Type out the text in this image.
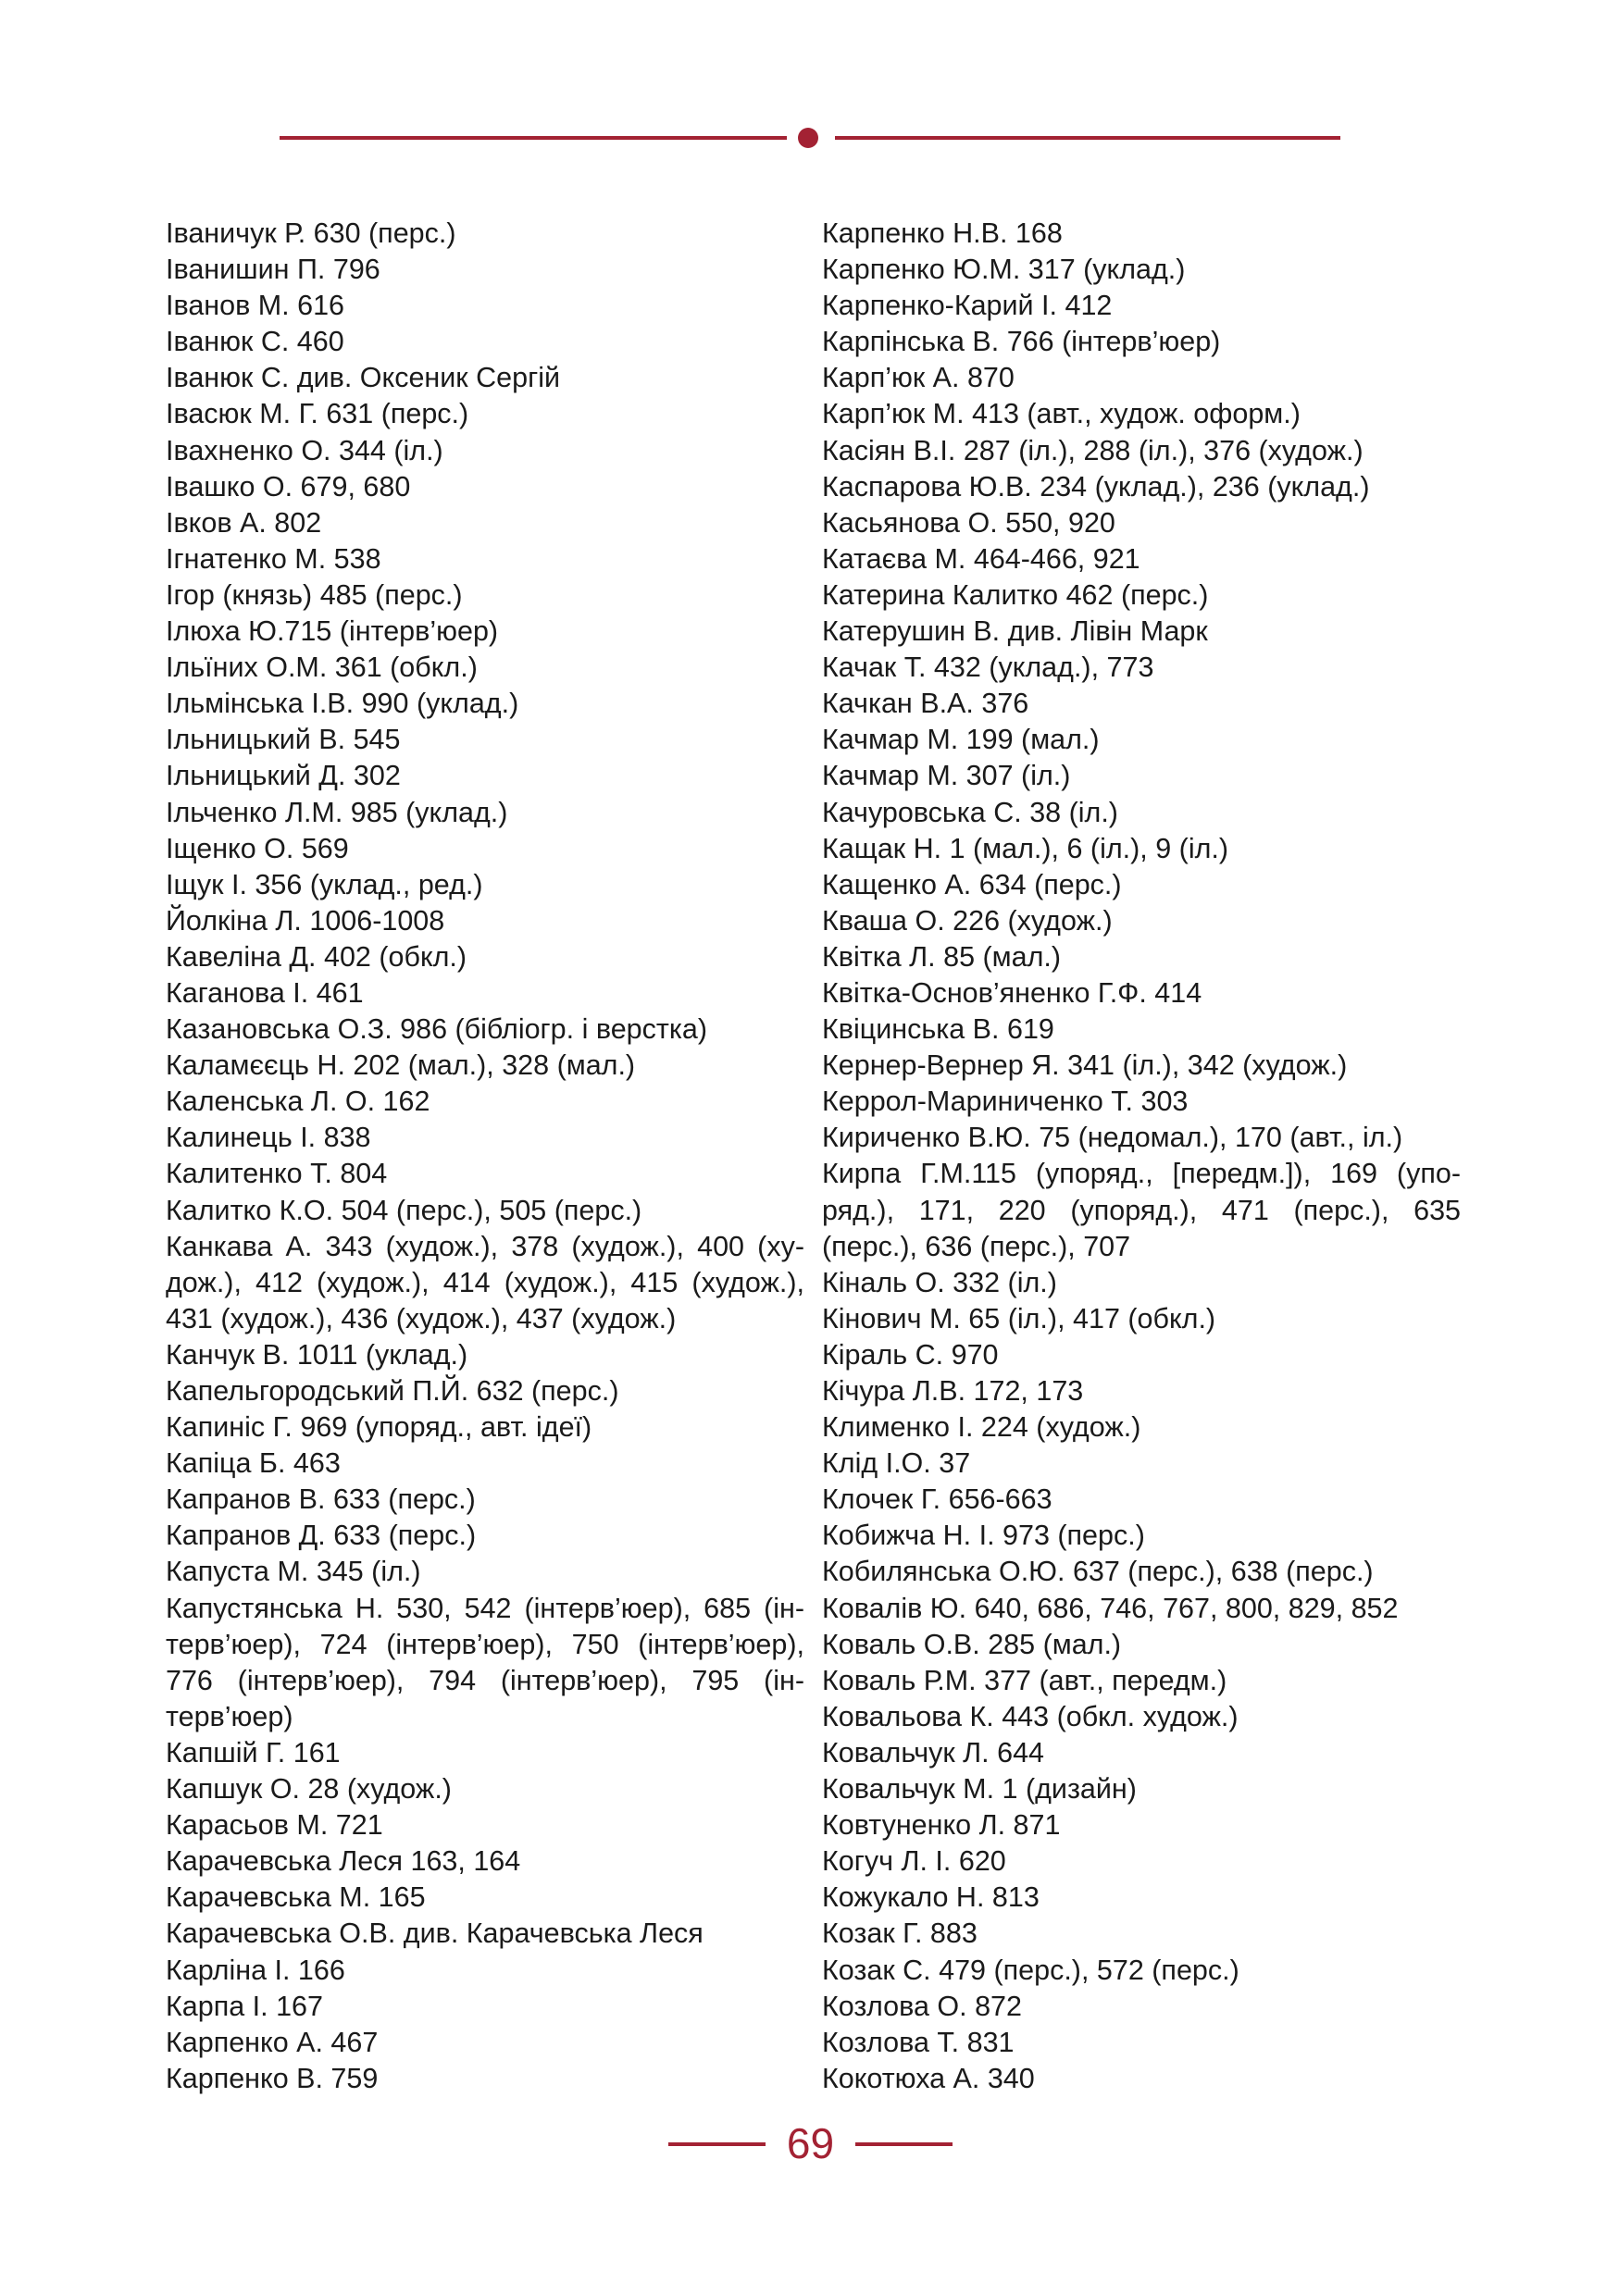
Іваничук Р. 630 (перс.)
Іванишин П. 796
Іванов М. 616
Іванюк С. 460
Іванюк С. див. Оксеник Сергій
Івасюк М. Г. 631 (перс.)
Івахненко О. 344 (іл.)
Івашко О. 679, 680
Івков А. 802
Ігнатенко М. 538
Ігор (князь) 485 (перс.)
Ілюха Ю.715 (інтерв’юер)
Ільїних О.М. 361 (обкл.)
Ільмінська І.В. 990 (уклад.)
Ільницький В. 545
Ільницький Д. 302
Ільченко Л.М. 985 (уклад.)
Іщенко О. 569
Іщук І. 356 (уклад., ред.)
Йолкіна Л. 1006-1008
Кавеліна Д. 402 (обкл.)
Каганова І. 461
Казановська О.З. 986 (бібліогр. і верстка)
Каламєєць Н. 202 (мал.), 328 (мал.)
Каленська Л. О. 162
Калинець І. 838
Калитенко Т. 804
Калитко К.О. 504 (перс.), 505 (перс.)
Канкава А. 343 (худож.), 378 (худож.), 400 (худож.), 412 (худож.), 414 (худож.), 415 (худож.), 431 (худож.), 436 (худож.), 437 (худож.)
Канчук В. 1011 (уклад.)
Капельгородський П.Й. 632 (перс.)
Капиніс Г. 969 (упоряд., авт. ідеї)
Капіца Б. 463
Капранов В. 633 (перс.)
Капранов Д. 633 (перс.)
Капуста М. 345 (іл.)
Капустянська Н. 530, 542 (інтерв’юер), 685 (інтерв’юер), 724 (інтерв’юер), 750 (інтерв’юер), 776 (інтерв’юер), 794 (інтерв’юер), 795 (інтерв’юер)
Капшій Г. 161
Капшук О. 28 (худож.)
Карасьов М. 721
Карачевська Леся 163, 164
Карачевська М. 165
Карачевська О.В. див. Карачевська Леся
Карліна І. 166
Карпа І. 167
Карпенко А. 467
Карпенко В. 759
Карпенко Н.В. 168
Карпенко Ю.М. 317 (уклад.)
Карпенко-Карий І. 412
Карпінська В. 766 (інтерв’юер)
Карп’юк А. 870
Карп’юк М. 413 (авт., худож. оформ.)
Касіян В.І. 287 (іл.), 288 (іл.), 376 (худож.)
Каспарова Ю.В. 234 (уклад.), 236 (уклад.)
Касьянова О. 550, 920
Катаєва М. 464-466, 921
Катерина Калитко 462 (перс.)
Катерушин В. див. Лівін Марк
Качак Т. 432 (уклад.), 773
Качкан В.А. 376
Качмар М. 199 (мал.)
Качмар М. 307 (іл.)
Качуровська С. 38 (іл.)
Кащак Н. 1 (мал.), 6 (іл.), 9 (іл.)
Кащенко А. 634 (перс.)
Кваша О. 226 (худож.)
Квітка Л. 85 (мал.)
Квітка-Основ’яненко Г.Ф. 414
Квіцинська В. 619
Кернер-Вернер Я. 341 (іл.), 342 (худож.)
Керрол-Мариниченко Т. 303
Кириченко В.Ю. 75 (недомал.), 170 (авт., іл.)
Кирпа Г.М.115 (упоряд., [передм.]), 169 (упоряд.), 171, 220 (упоряд.), 471 (перс.), 635 (перс.), 636 (перс.), 707
Кіналь О. 332 (іл.)
Кінович М. 65 (іл.), 417 (обкл.)
Кіраль С. 970
Кічура Л.В. 172, 173
Клименко І. 224 (худож.)
Клід І.О. 37
Клочек Г. 656-663
Кобижча Н. І. 973 (перс.)
Кобилянська О.Ю. 637 (перс.), 638 (перс.)
Ковалів Ю. 640, 686, 746, 767, 800, 829, 852
Коваль О.В. 285 (мал.)
Коваль Р.М. 377 (авт., передм.)
Ковальова К. 443 (обкл. худож.)
Ковальчук Л. 644
Ковальчук М. 1 (дизайн)
Ковтуненко Л. 871
Когуч Л. І. 620
Кожукало Н. 813
Козак Г. 883
Козак С. 479 (перс.), 572 (перс.)
Козлова О. 872
Козлова Т. 831
Кокотюха А. 340
69
